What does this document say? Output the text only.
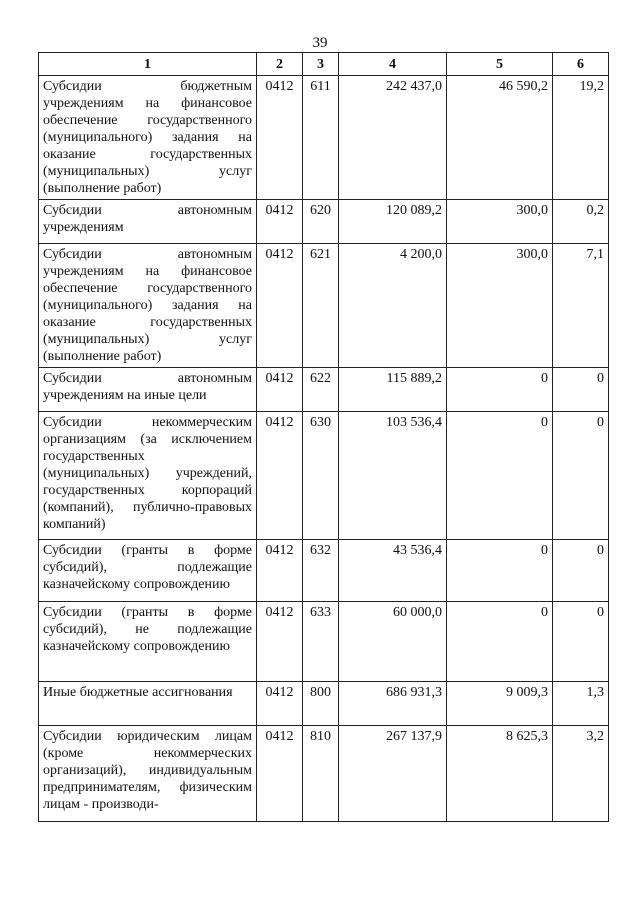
39
1	2	3	4	5	6
Субсидии бюджетным учреждениям на финансовое обеспечение государственного (муниципального) задания на оказание государственных (муниципальных) услуг (выполнение работ)	0412	611	242 437,0	46 590,2	19,2
Субсидии автономным учреждениям	0412	620	120 089,2	300,0	0,2
Субсидии автономным учреждениям на финансовое обеспечение государственного (муниципального) задания на оказание государственных (муниципальных) услуг (выполнение работ)	0412	621	4 200,0	300,0	7,1
Субсидии автономным учреждениям на иные цели	0412	622	115 889,2	0	0
Субсидии некоммерческим организациям (за исключением государственных (муниципальных) учреждений, государственных корпораций (компаний), публично-правовых компаний)	0412	630	103 536,4	0	0
Субсидии (гранты в форме субсидий), подлежащие казначейскому сопровождению	0412	632	43 536,4	0	0
Субсидии (гранты в форме субсидий), не подлежащие казначейскому сопровождению	0412	633	60 000,0	0	0
Иные бюджетные ассигнования	0412	800	686 931,3	9 009,3	1,3
Субсидии юридическим лицам (кроме некоммерческих организаций), индивидуальным предпринимателям, физическим лицам - производи-	0412	810	267 137,9	8 625,3	3,2
